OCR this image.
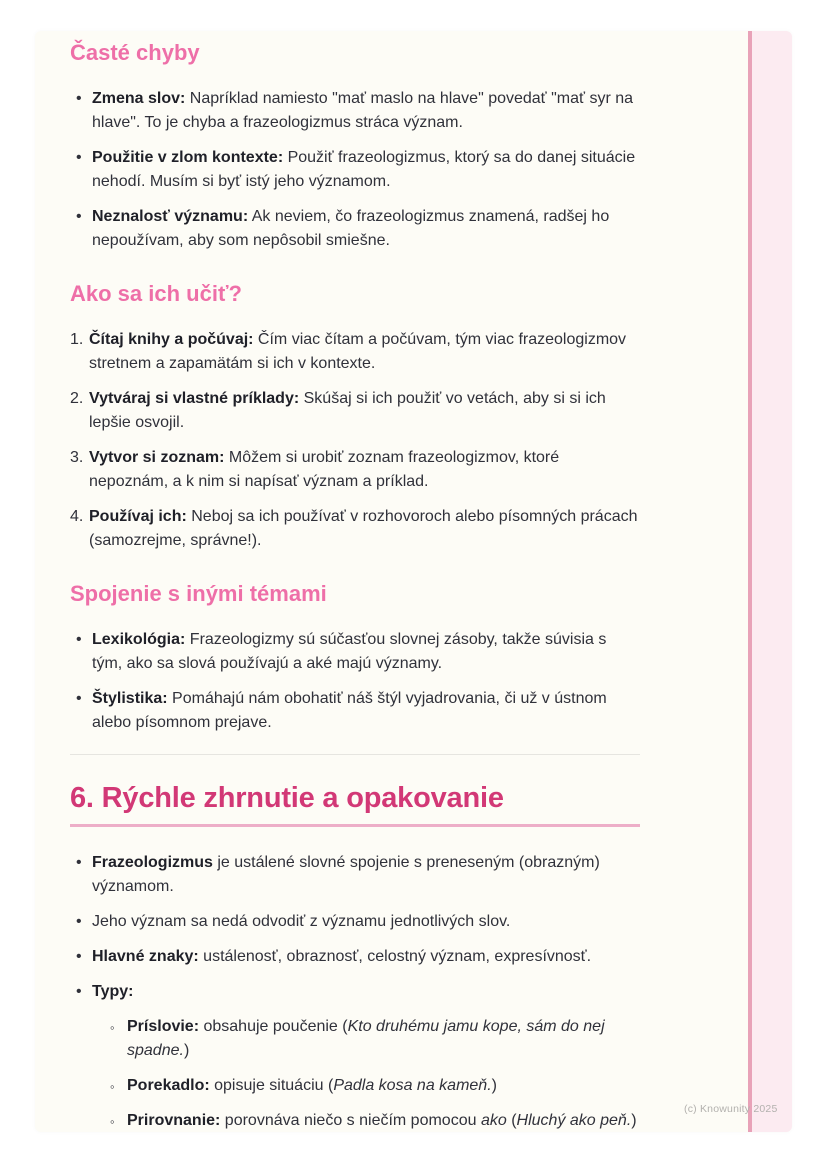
Časté chyby
• Zmena slov: Napríklad namiesto "mať maslo na hlave" povedať "mať syr na hlave". To je chyba a frazeologizmus stráca význam.
• Použitie v zlom kontexte: Použiť frazeologizmus, ktorý sa do danej situácie nehodí. Musím si byť istý jeho významom.
• Neznalosť významu: Ak neviem, čo frazeologizmus znamená, radšej ho nepoužívam, aby som nepôsobil smiešne.
Ako sa ich učiť?
1. Čítaj knihy a počúvaj: Čím viac čítam a počúvam, tým viac frazeologizmov stretnem a zapamätám si ich v kontexte.
2. Vytváraj si vlastné príklady: Skúšaj si ich použiť vo vetách, aby si si ich lepšie osvojil.
3. Vytvor si zoznam: Môžem si urobiť zoznam frazeologizmov, ktoré nepoznám, a k nim si napísať význam a príklad.
4. Používaj ich: Neboj sa ich používať v rozhovoroch alebo písomných prácach (samozrejme, správne!).
Spojenie s inými témami
• Lexikológia: Frazeologizmy sú súčasťou slovnej zásoby, takže súvisia s tým, ako sa slová používajú a aké majú významy.
• Štylistika: Pomáhajú nám obohatiť náš štýl vyjadrovania, či už v ústnom alebo písomnom prejave.
6. Rýchle zhrnutie a opakovanie
• Frazeologizmus je ustálené slovné spojenie s preneseným (obrazným) významom.
• Jeho význam sa nedá odvodiť z významu jednotlivých slov.
• Hlavné znaky: ustálenosť, obraznosť, celostný význam, expresívnosť.
• Typy:
◦ Príslovie: obsahuje poučenie (Kto druhému jamu kope, sám do nej spadne.)
◦ Porekadlo: opisuje situáciu (Padla kosa na kameň.)
◦ Prirovnanie: porovnáva niečo s niečím pomocou ako (Hluchý ako peň.)
(c) Knowunity 2025
